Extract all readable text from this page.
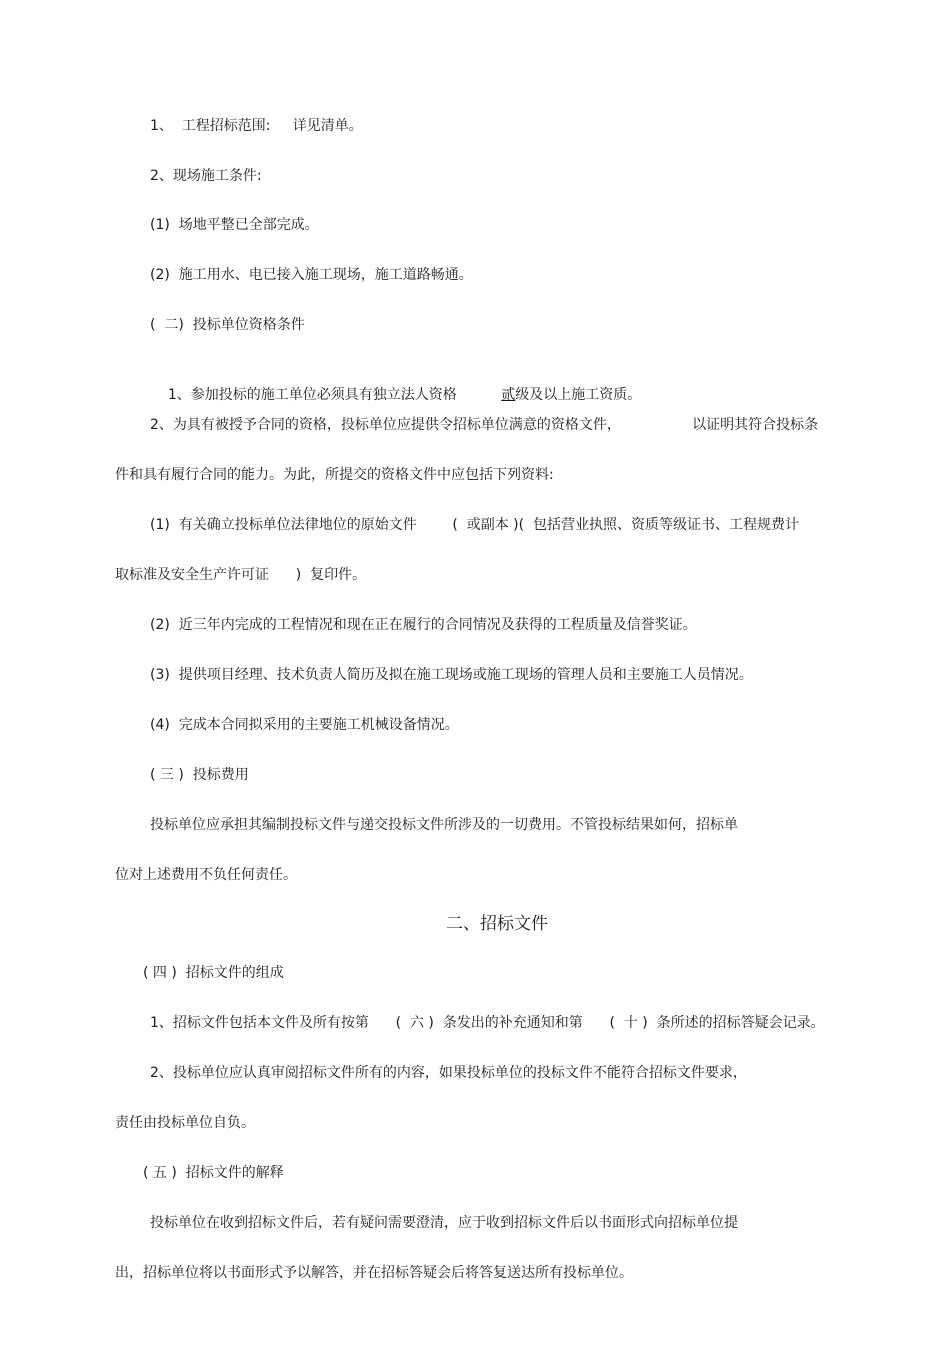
1、  工程招标范围:     详见清单。
2、现场施工条件:
(1)  场地平整已全部完成。
(2)  施工用水、电已接入施工现场，施工道路畅通。
(  二)  投标单位资格条件

1、参加投标的施工单位必须具有独立法人资格          贰级及以上施工资质。

2、为具有被授予合同的资格，投标单位应提供令招标单位满意的资格文件，                以证明其符合投标条
件和具有履行合同的能力。为此，所提交的资格文件中应包括下列资料:
(1)  有关确立投标单位法律地位的原始文件        (  或副本 )(  包括营业执照、资质等级证书、工程规费计
取标准及安全生产许可证      )  复印件。
(2)  近三年内完成的工程情况和现在正在履行的合同情况及获得的工程质量及信誉奖证。
(3)  提供项目经理、技术负责人简历及拟在施工现场或施工现场的管理人员和主要施工人员情况。
(4)  完成本合同拟采用的主要施工机械设备情况。
( 三 )  投标费用
投标单位应承担其编制投标文件与递交投标文件所涉及的一切费用。不管投标结果如何，招标单
位对上述费用不负任何责任。
二、招标文件
( 四 )  招标文件的组成
1、招标文件包括本文件及所有按第      (  六 )  条发出的补充通知和第      (  十 )  条所述的招标答疑会记录。
2、投标单位应认真审阅招标文件所有的内容，如果投标单位的投标文件不能符合招标文件要求，
责任由投标单位自负。
( 五 )  招标文件的解释
投标单位在收到招标文件后，若有疑问需要澄清，应于收到招标文件后以书面形式向招标单位提
出，招标单位将以书面形式予以解答，并在招标答疑会后将答复送达所有投标单位。
